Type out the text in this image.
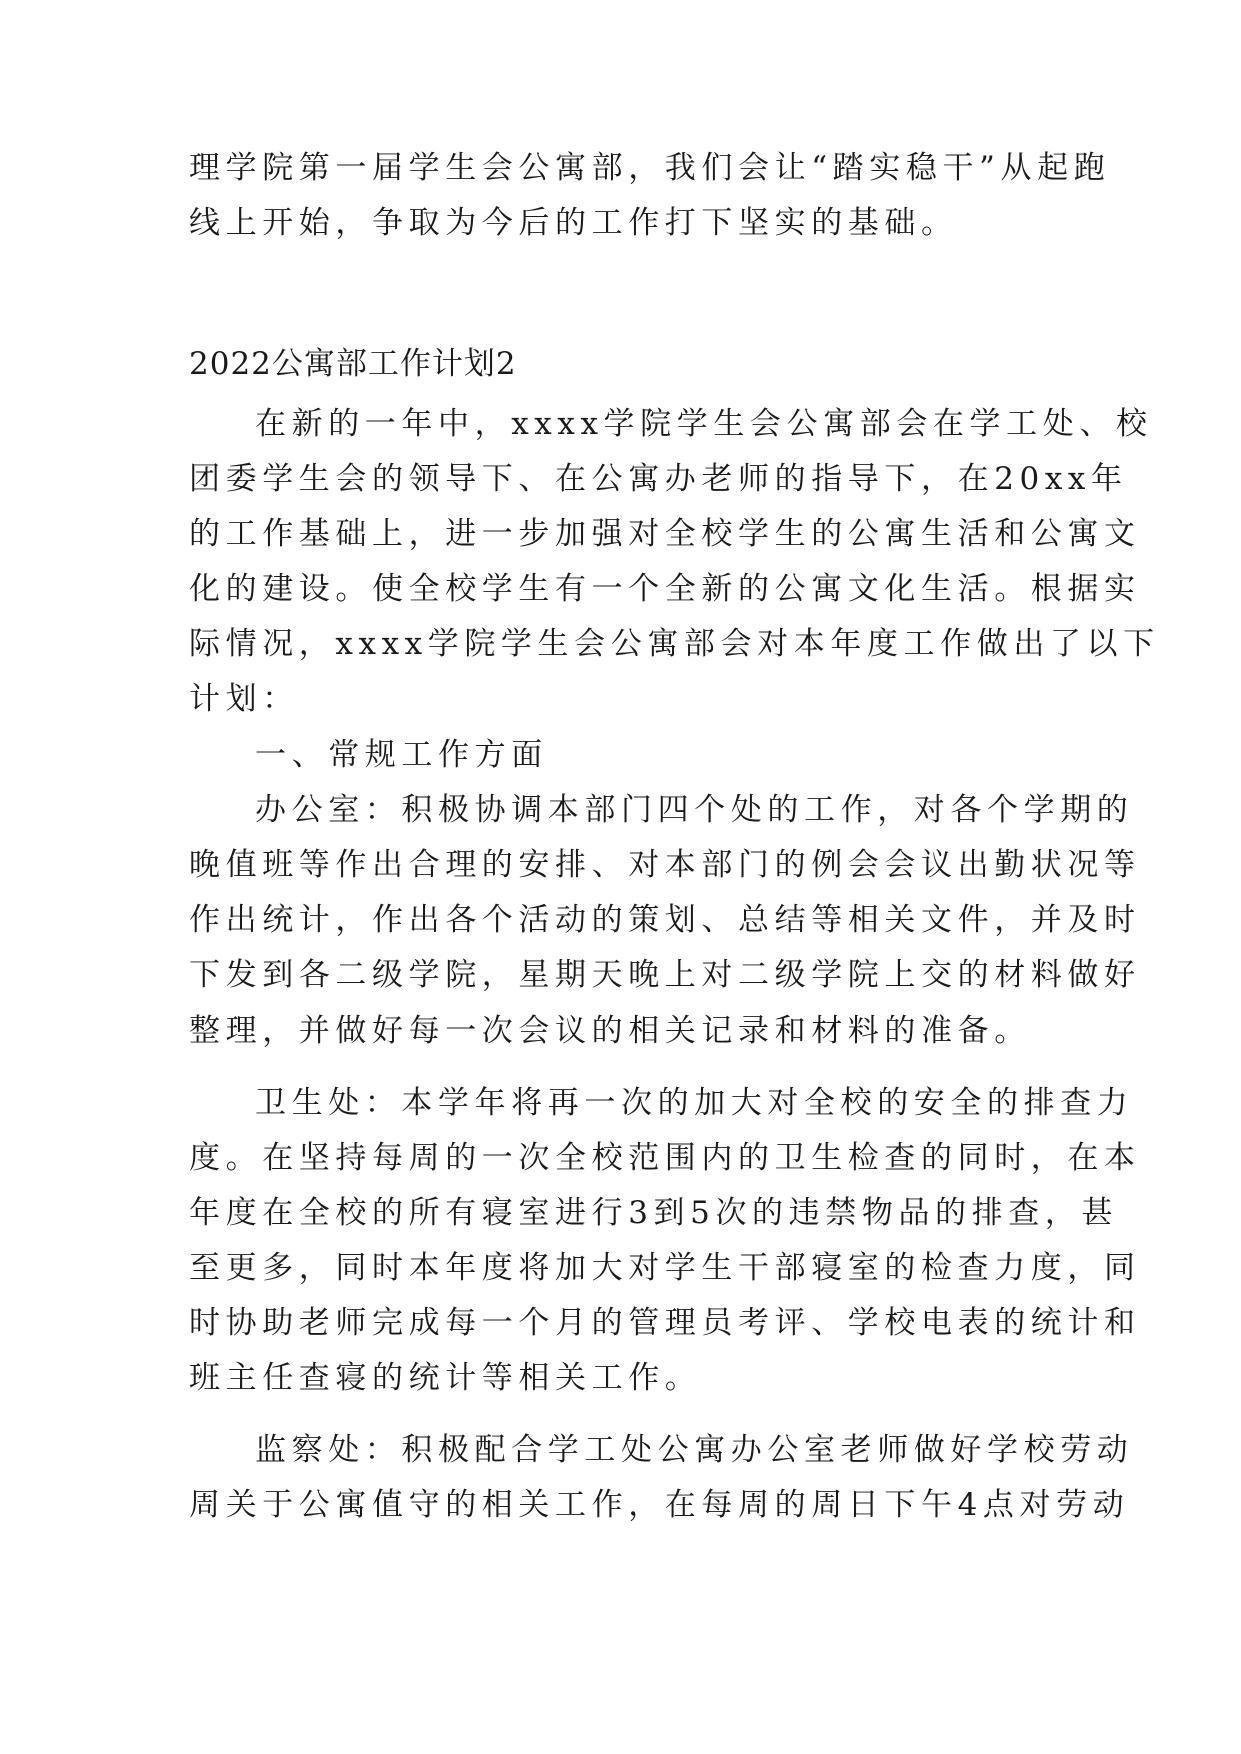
理学院第一届学生会公寓部，我们会让“踏实稳干”从起跑
线上开始，争取为今后的工作打下坚实的基础。
2022公寓部工作计划2
在新的一年中，xxxx学院学生会公寓部会在学工处、校
团委学生会的领导下、在公寓办老师的指导下，在20xx年
的工作基础上，进一步加强对全校学生的公寓生活和公寓文
化的建设。使全校学生有一个全新的公寓文化生活。根据实
际情况，xxxx学院学生会公寓部会对本年度工作做出了以下
计划：
一、常规工作方面
办公室：积极协调本部门四个处的工作，对各个学期的
晚值班等作出合理的安排、对本部门的例会会议出勤状况等
作出统计，作出各个活动的策划、总结等相关文件，并及时
下发到各二级学院，星期天晚上对二级学院上交的材料做好
整理，并做好每一次会议的相关记录和材料的准备。
卫生处：本学年将再一次的加大对全校的安全的排查力
度。在坚持每周的一次全校范围内的卫生检查的同时，在本
年度在全校的所有寝室进行3到5次的违禁物品的排查，甚
至更多，同时本年度将加大对学生干部寝室的检查力度，同
时协助老师完成每一个月的管理员考评、学校电表的统计和
班主任查寝的统计等相关工作。
监察处：积极配合学工处公寓办公室老师做好学校劳动
周关于公寓值守的相关工作，在每周的周日下午4点对劳动
